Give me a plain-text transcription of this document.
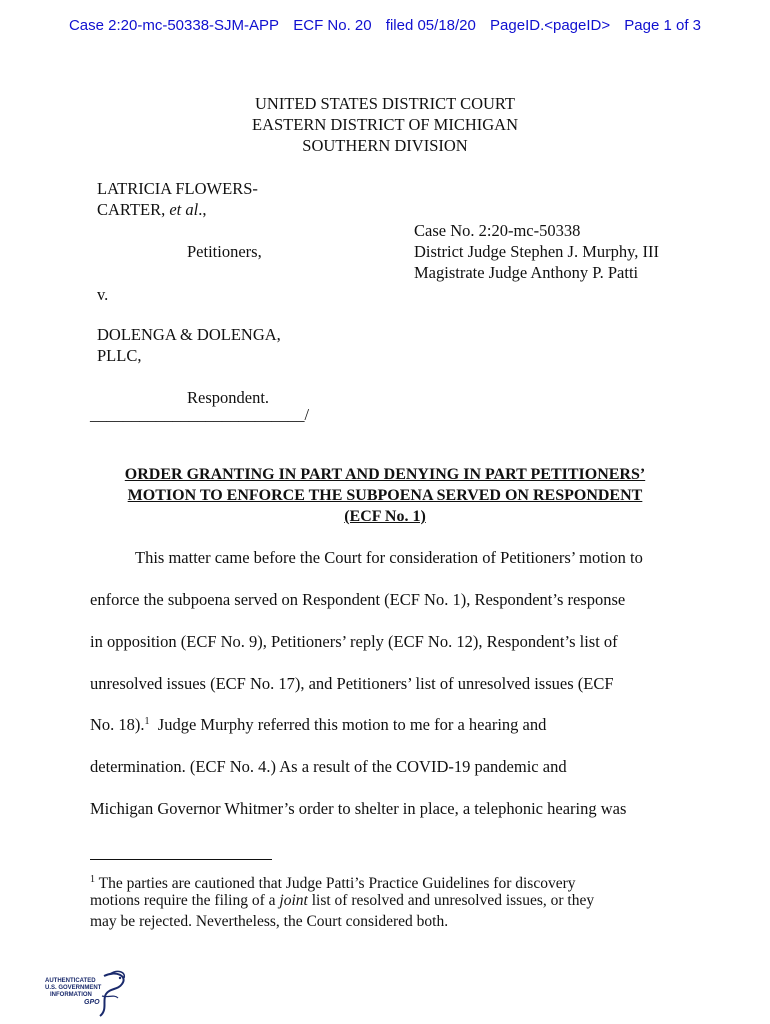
Case 2:20-mc-50338-SJM-APP ECF No. 20 filed 05/18/20 PageID.<pageID> Page 1 of 3
UNITED STATES DISTRICT COURT
EASTERN DISTRICT OF MICHIGAN
SOUTHERN DIVISION
LATRICIA FLOWERS-
CARTER, et al.,
Petitioners,
Case No. 2:20-mc-50338
District Judge Stephen J. Murphy, III
Magistrate Judge Anthony P. Patti
v.
DOLENGA & DOLENGA,
PLLC,
Respondent.
__________________________/
ORDER GRANTING IN PART AND DENYING IN PART PETITIONERS’
MOTION TO ENFORCE THE SUBPOENA SERVED ON RESPONDENT
(ECF No. 1)
This matter came before the Court for consideration of Petitioners’ motion to
enforce the subpoena served on Respondent (ECF No. 1), Respondent’s response
in opposition (ECF No. 9), Petitioners’ reply (ECF No. 12), Respondent’s list of
unresolved issues (ECF No. 17), and Petitioners’ list of unresolved issues (ECF
No. 18).$^1$  Judge Murphy referred this motion to me for a hearing and
determination. (ECF No. 4.) As a result of the COVID-19 pandemic and
Michigan Governor Whitmer’s order to shelter in place, a telephonic hearing was
$^1$ The parties are cautioned that Judge Patti’s Practice Guidelines for discovery
motions require the filing of a joint list of resolved and unresolved issues, or they
may be rejected. Nevertheless, the Court considered both.
AUTHENTICATED
U.S. GOVERNMENT
INFORMATION
GPO
